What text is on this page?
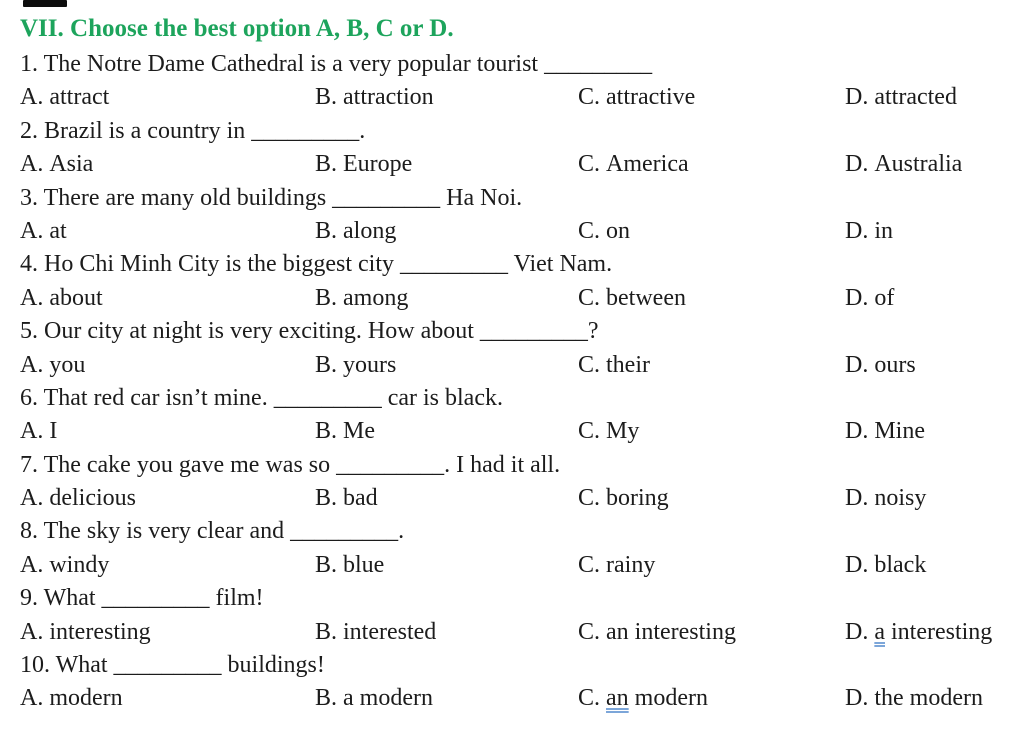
VII. Choose the best option A, B, C or D.
1. The Notre Dame Cathedral is a very popular tourist _________
A. attract	B. attraction	C. attractive	D. attracted
2. Brazil is a country in _________.
A. Asia	B. Europe	C. America	D. Australia
3. There are many old buildings _________ Ha Noi.
A. at	B. along	C. on	D. in
4. Ho Chi Minh City is the biggest city _________ Viet Nam.
A. about	B. among	C. between	D. of
5. Our city at night is very exciting. How about _________?
A. you	B. yours	C. their	D. ours
6. That red car isn’t mine. _________ car is black.
A. I	B. Me	C. My	D. Mine
7. The cake you gave me was so _________. I had it all.
A. delicious	B. bad	C. boring	D. noisy
8. The sky is very clear and _________.
A. windy	B. blue	C. rainy	D. black
9. What _________ film!
A. interesting	B. interested	C. an interesting	D. a interesting
10. What _________ buildings!
A. modern	B. a modern	C. an modern	D. the modern
